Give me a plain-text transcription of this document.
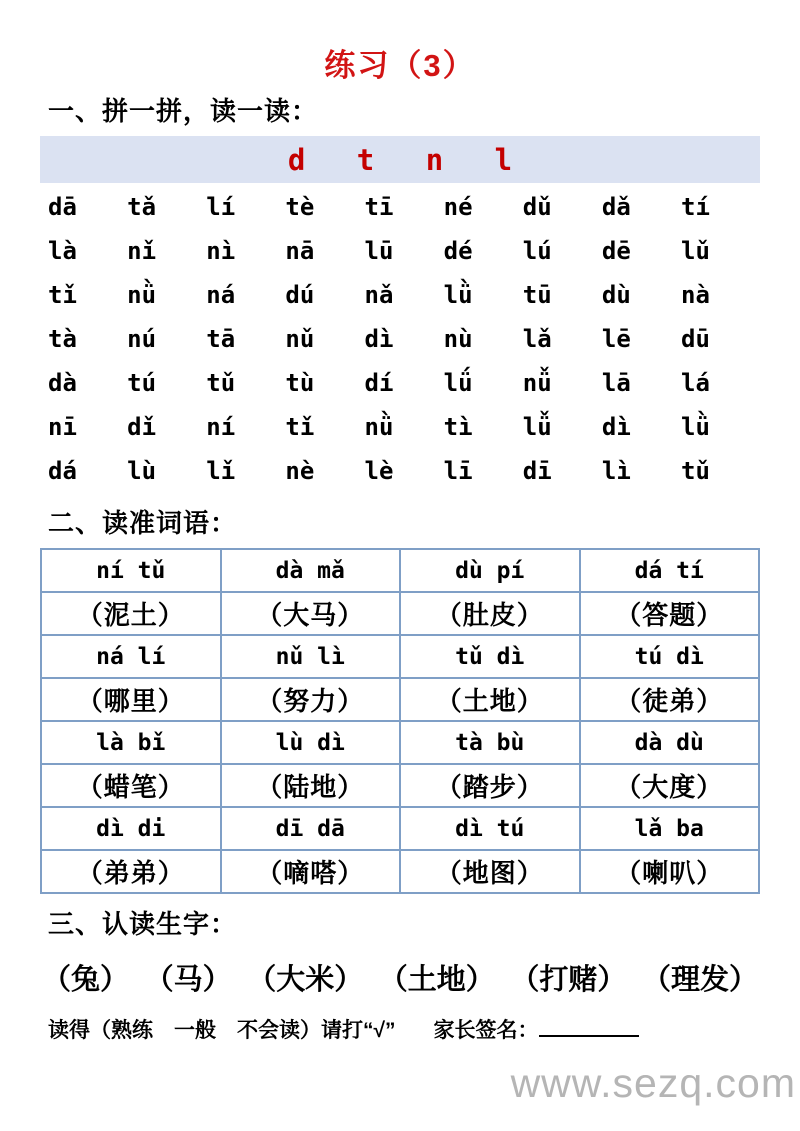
练习（3）
一、拼一拼，读一读：
d t n l
dā tǎ lí tè tī né dǔ dǎ tí
là nǐ nì nā lū dé lú dē lǔ
tǐ nǜ ná dú nǎ lǜ tū dù nà
tà nú tā nǔ dì nù lǎ lē dū
dà tú tǔ tù dí lǘ nǚ lā lá
nī dǐ ní tǐ nǜ tì lǚ dì lǜ
dá lù lǐ nè lè lī dī lì tǔ
二、读准词语：
ní tǔ	dà mǎ	dù pí	dá tí
（泥土）	（大马）	（肚皮）	（答题）
ná lí	nǔ lì	tǔ dì	tú dì
（哪里）	（努力）	（土地）	（徒弟）
là bǐ	lù dì	tà bù	dà dù
（蜡笔）	（陆地）	（踏步）	（大度）
dì di	dī dā	dì tú	lǎ ba
（弟弟）	（嘀嗒）	（地图）	（喇叭）
三、认读生字：
（兔） （马） （大米） （土地） （打赌） （理发）
读得（熟练　一般　不会读）请打“√” 家长签名：
www.sezq.com
